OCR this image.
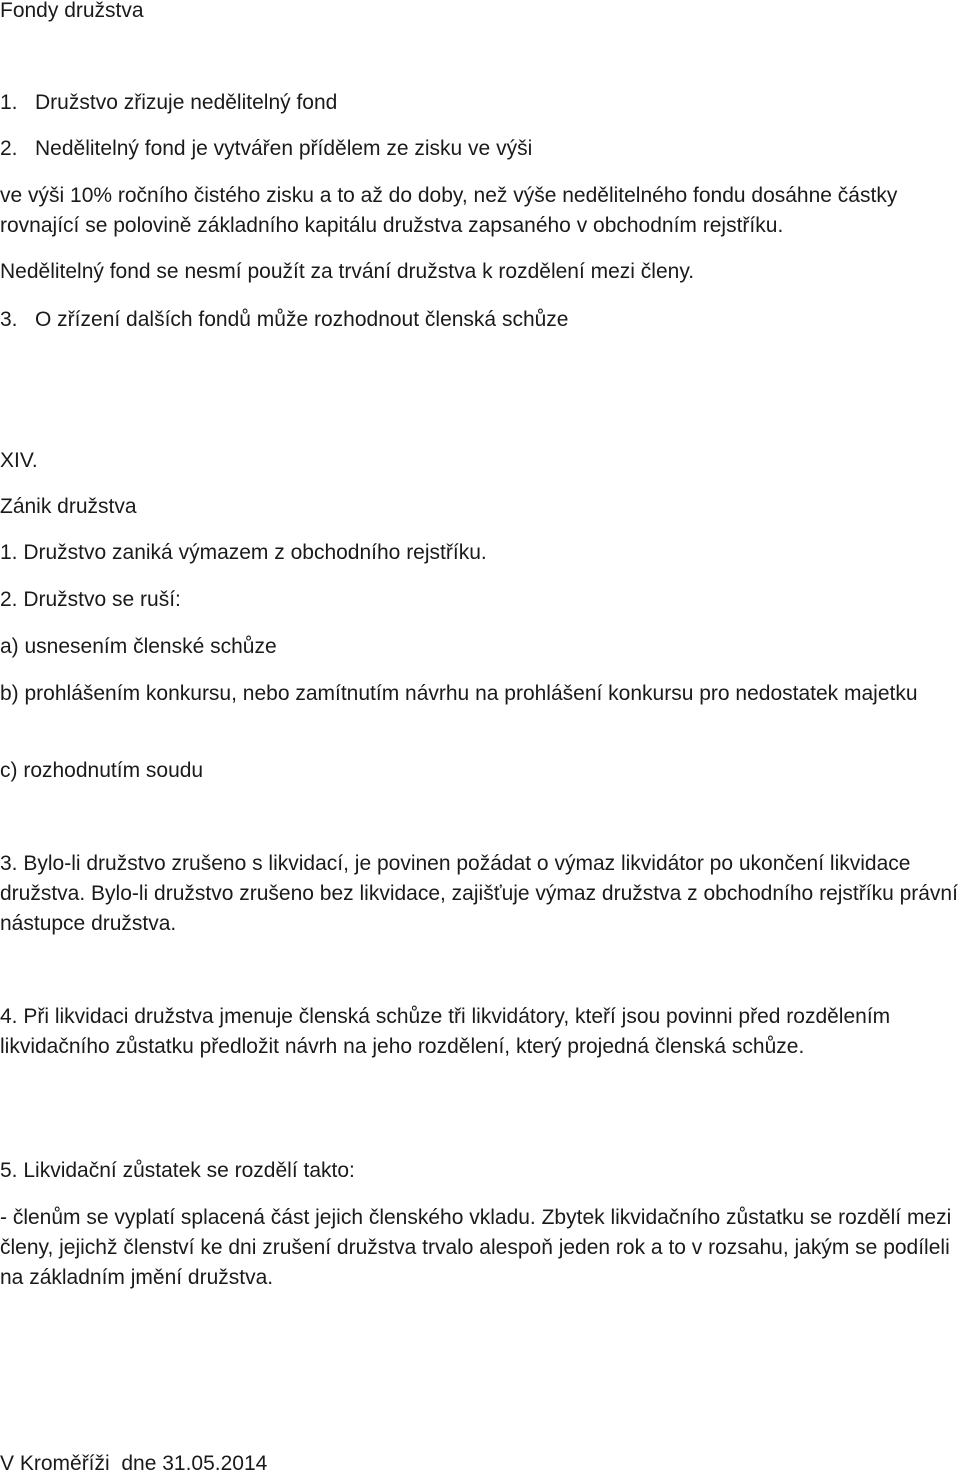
Fondy družstva
1.   Družstvo zřizuje nedělitelný fond
2.   Nedělitelný fond je vytvářen přídělem ze zisku ve výši
ve výši 10% ročního čistého zisku a to až do doby, než výše nedělitelného fondu dosáhne částky rovnající se polovině základního kapitálu družstva zapsaného v obchodním rejstříku.
Nedělitelný fond se nesmí použít za trvání družstva k rozdělení mezi členy.
3.   O zřízení dalších fondů může rozhodnout členská schůze
XIV.
Zánik družstva
1. Družstvo zaniká výmazem z obchodního rejstříku.
2. Družstvo se ruší:
a) usnesením členské schůze
b) prohlášením konkursu, nebo zamítnutím návrhu na prohlášení konkursu pro nedostatek majetku
c) rozhodnutím soudu
3. Bylo-li družstvo zrušeno s likvidací, je povinen požádat o výmaz likvidátor po ukončení likvidace družstva. Bylo-li družstvo zrušeno bez likvidace, zajišťuje výmaz družstva z obchodního rejstříku právní nástupce družstva.
4. Při likvidaci družstva jmenuje členská schůze tři likvidátory, kteří jsou povinni před rozdělením likvidačního zůstatku předložit návrh na jeho rozdělení, který projedná členská schůze.
5. Likvidační zůstatek se rozdělí takto:
- členům se vyplatí splacená část jejich členského vkladu. Zbytek likvidačního zůstatku se rozdělí mezi členy, jejichž členství ke dni zrušení družstva trvalo alespoň jeden rok a to v rozsahu, jakým se podíleli na základním jmění družstva.
V Kroměříži  dne 31.05.2014
